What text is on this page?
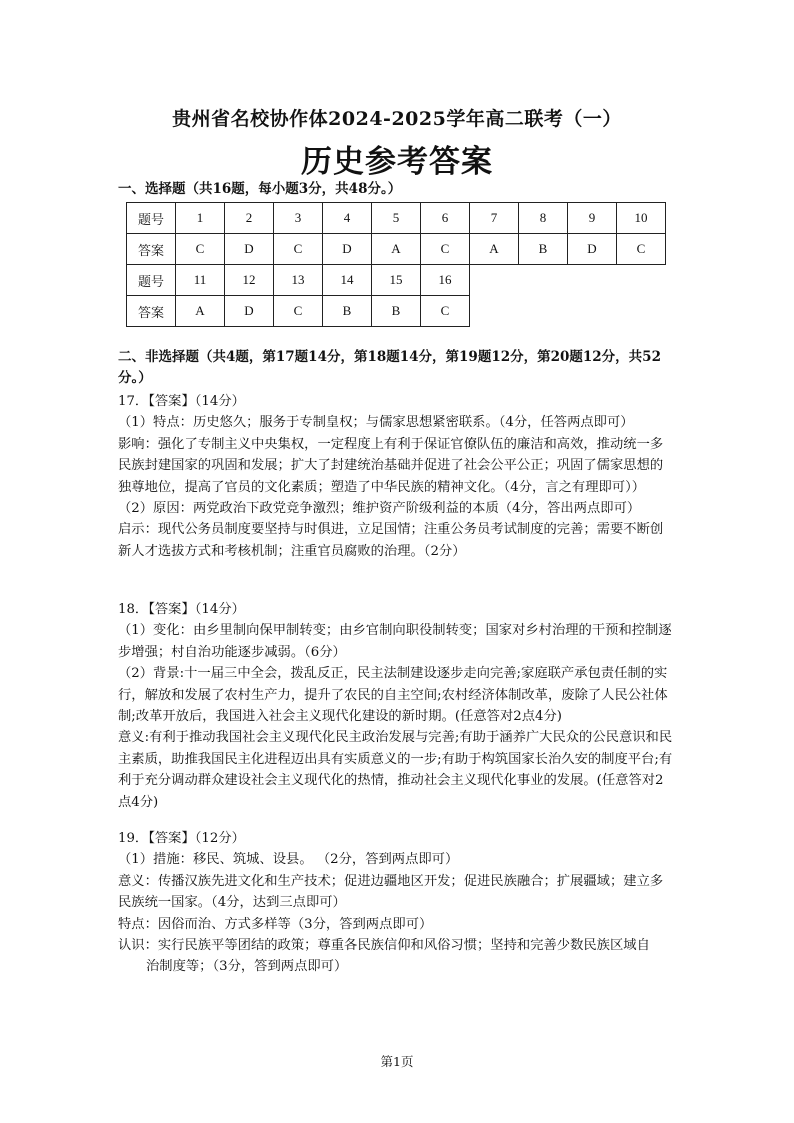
贵州省名校协作体2024-2025学年高二联考（一）
历史参考答案
一、选择题（共16题，每小题3分，共48分。）
题号	1	2	3	4	5	6	7	8	9	10
答案	C	D	C	D	A	C	A	B	D	C
题号	11	12	13	14	15	16				
答案	A	D	C	B	B	C				
二、非选择题（共4题，第17题14分，第18题14分，第19题12分，第20题12分，共52分。）

17．【答案】（14分）

（1）特点：历史悠久；服务于专制皇权；与儒家思想紧密联系。（4分，任答两点即可）

影响：强化了专制主义中央集权，一定程度上有利于保证官僚队伍的廉洁和高效，推动统一多民族封建国家的巩固和发展；扩大了封建统治基础并促进了社会公平公正；巩固了儒家思想的独尊地位，提高了官员的文化素质；塑造了中华民族的精神文化。（4分，言之有理即可））

（2）原因：两党政治下政党竞争激烈；维护资产阶级利益的本质（4分，答出两点即可）

启示：现代公务员制度要坚持与时俱进，立足国情；注重公务员考试制度的完善；需要不断创新人才选拔方式和考核机制；注重官员腐败的治理。（2分）

18．【答案】（14分）

（1）变化：由乡里制向保甲制转变；由乡官制向职役制转变；国家对乡村治理的干预和控制逐步增强；村自治功能逐步减弱。（6分）

（2）背景:十一届三中全会，拨乱反正，民主法制建设逐步走向完善;家庭联产承包责任制的实行，解放和发展了农村生产力，提升了农民的自主空间;农村经济体制改革，废除了人民公社体制;改革开放后，我国进入社会主义现代化建设的新时期。(任意答对2点4分)

意义:有利于推动我国社会主义现代化民主政治发展与完善;有助于涵养广大民众的公民意识和民主素质，助推我国民主化进程迈出具有实质意义的一步;有助于构筑国家长治久安的制度平台;有利于充分调动群众建设社会主义现代化的热情，推动社会主义现代化事业的发展。(任意答对2点4分)

19．【答案】（12分）

（1）措施：移民、筑城、设县。 （2分，答到两点即可）

意义：传播汉族先进文化和生产技术；促进边疆地区开发；促进民族融合；扩展疆域；建立多民族统一国家。（4分，达到三点即可）

特点：因俗而治、方式多样等（3分，答到两点即可）

认识：实行民族平等团结的政策；尊重各民族信仰和风俗习惯；坚持和完善少数民族区域自

治制度等；（3分，答到两点即可）

第1页
